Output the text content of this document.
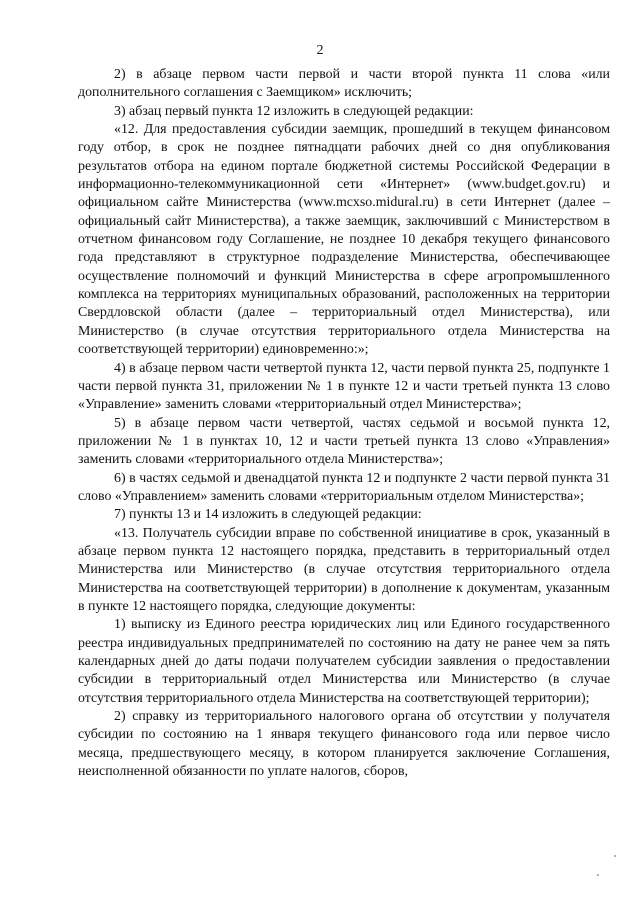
2

2) в абзаце первом части первой и части второй пункта 11 слова «или дополнительного соглашения с Заемщиком» исключить;

3) абзац первый пункта 12 изложить в следующей редакции:

«12. Для предоставления субсидии заемщик, прошедший в текущем финансовом году отбор, в срок не позднее пятнадцати рабочих дней со дня опубликования результатов отбора на едином портале бюджетной системы Российской Федерации в информационно-телекоммуникационной сети «Интернет» (www.budget.gov.ru) и официальном сайте Министерства (www.mcxso.midural.ru) в сети Интернет (далее – официальный сайт Министерства), а также заемщик, заключивший с Министерством в отчетном финансовом году Соглашение, не позднее 10 декабря текущего финансового года представляют в структурное подразделение Министерства, обеспечивающее осуществление полномочий и функций Министерства в сфере агропромышленного комплекса на территориях муниципальных образований, расположенных на территории Свердловской области (далее – территориальный отдел Министерства), или Министерство (в случае отсутствия территориального отдела Министерства на соответствующей территории) единовременно:»;

4) в абзаце первом части четвертой пункта 12, части первой пункта 25, подпункте 1 части первой пункта 31, приложении № 1 в пункте 12 и части третьей пункта 13 слово «Управление» заменить словами «территориальный отдел Министерства»;

5) в абзаце первом части четвертой, частях седьмой и восьмой пункта 12, приложении № 1 в пунктах 10, 12 и части третьей пункта 13 слово «Управления» заменить словами «территориального отдела Министерства»;

6) в частях седьмой и двенадцатой пункта 12 и подпункте 2 части первой пункта 31 слово «Управлением» заменить словами «территориальным отделом Министерства»;

7) пункты 13 и 14 изложить в следующей редакции:

«13. Получатель субсидии вправе по собственной инициативе в срок, указанный в абзаце первом пункта 12 настоящего порядка, представить в территориальный отдел Министерства или Министерство (в случае отсутствия территориального отдела Министерства на соответствующей территории) в дополнение к документам, указанным в пункте 12 настоящего порядка, следующие документы:

1) выписку из Единого реестра юридических лиц или Единого государственного реестра индивидуальных предпринимателей по состоянию на дату не ранее чем за пять календарных дней до даты подачи получателем субсидии заявления о предоставлении субсидии в территориальный отдел Министерства или Министерство (в случае отсутствия территориального отдела Министерства на соответствующей территории);

2) справку из территориального налогового органа об отсутствии у получателя субсидии по состоянию на 1 января текущего финансового года или первое число месяца, предшествующего месяцу, в котором планируется заключение Соглашения, неисполненной обязанности по уплате налогов, сборов,
